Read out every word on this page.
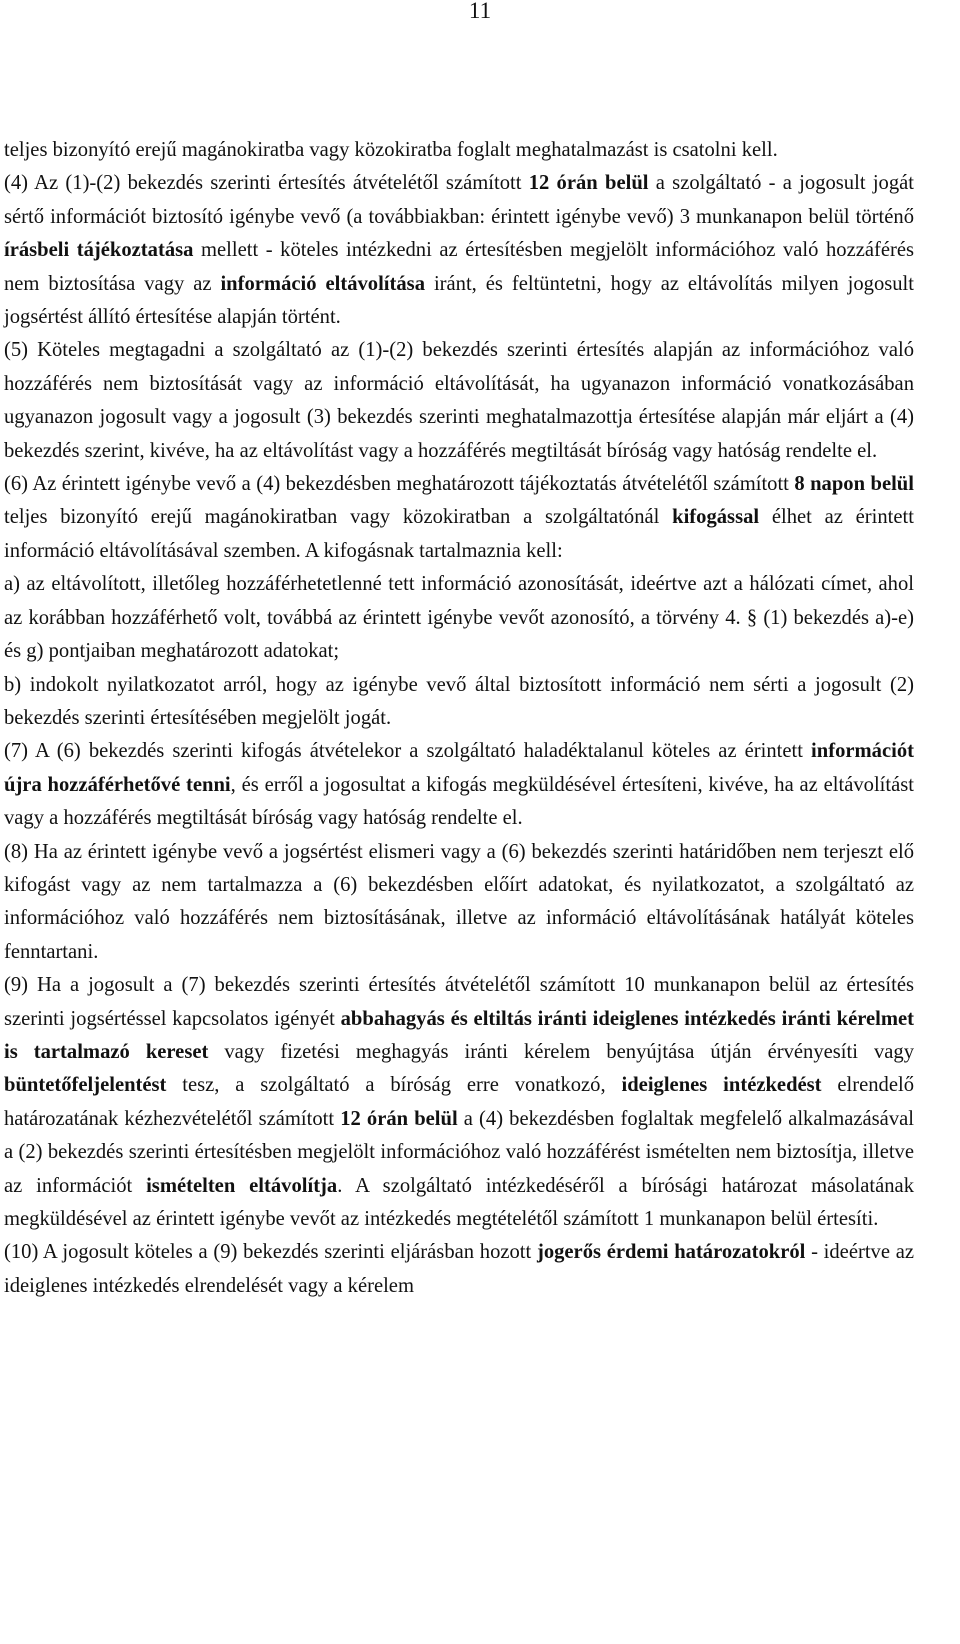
11

teljes bizonyító erejű magánokiratba vagy közokiratba foglalt meghatalmazást is csatolni kell.

(4) Az (1)-(2) bekezdés szerinti értesítés átvételétől számított 12 órán belül a szolgáltató - a jogosult jogát sértő információt biztosító igénybe vevő (a továbbiakban: érintett igénybe vevő) 3 munkanapon belül történő írásbeli tájékoztatása mellett - köteles intézkedni az értesítésben megjelölt információhoz való hozzáférés nem biztosítása vagy az információ eltávolítása iránt, és feltüntetni, hogy az eltávolítás milyen jogosult jogsértést állító értesítése alapján történt.

(5) Köteles megtagadni a szolgáltató az (1)-(2) bekezdés szerinti értesítés alapján az információhoz való hozzáférés nem biztosítását vagy az információ eltávolítását, ha ugyanazon információ vonatkozásában ugyanazon jogosult vagy a jogosult (3) bekezdés szerinti meghatalmazottja értesítése alapján már eljárt a (4) bekezdés szerint, kivéve, ha az eltávolítást vagy a hozzáférés megtiltását bíróság vagy hatóság rendelte el.

(6) Az érintett igénybe vevő a (4) bekezdésben meghatározott tájékoztatás átvételétől számított 8 napon belül teljes bizonyító erejű magánokiratban vagy közokiratban a szolgáltatónál kifogással élhet az érintett információ eltávolításával szemben. A kifogásnak tartalmaznia kell:

a) az eltávolított, illetőleg hozzáférhetetlenné tett információ azonosítását, ideértve azt a hálózati címet, ahol az korábban hozzáférhető volt, továbbá az érintett igénybe vevőt azonosító, a törvény 4. § (1) bekezdés a)-e) és g) pontjaiban meghatározott adatokat;

b) indokolt nyilatkozatot arról, hogy az igénybe vevő által biztosított információ nem sérti a jogosult (2) bekezdés szerinti értesítésében megjelölt jogát.

(7) A (6) bekezdés szerinti kifogás átvételekor a szolgáltató haladéktalanul köteles az érintett információt újra hozzáférhetővé tenni, és erről a jogosultat a kifogás megküldésével értesíteni, kivéve, ha az eltávolítást vagy a hozzáférés megtiltását bíróság vagy hatóság rendelte el.

(8) Ha az érintett igénybe vevő a jogsértést elismeri vagy a (6) bekezdés szerinti határidőben nem terjeszt elő kifogást vagy az nem tartalmazza a (6) bekezdésben előírt adatokat, és nyilatkozatot, a szolgáltató az információhoz való hozzáférés nem biztosításának, illetve az információ eltávolításának hatályát köteles fenntartani.

(9) Ha a jogosult a (7) bekezdés szerinti értesítés átvételétől számított 10 munkanapon belül az értesítés szerinti jogsértéssel kapcsolatos igényét abbahagyás és eltiltás iránti ideiglenes intézkedés iránti kérelmet is tartalmazó kereset vagy fizetési meghagyás iránti kérelem benyújtása útján érvényesíti vagy büntetőfeljelentést tesz, a szolgáltató a bíróság erre vonatkozó, ideiglenes intézkedést elrendelő határozatának kézhezvételétől számított 12 órán belül a (4) bekezdésben foglaltak megfelelő alkalmazásával a (2) bekezdés szerinti értesítésben megjelölt információhoz való hozzáférést ismételten nem biztosítja, illetve az információt ismételten eltávolítja. A szolgáltató intézkedéséről a bírósági határozat másolatának megküldésével az érintett igénybe vevőt az intézkedés megtételétől számított 1 munkanapon belül értesíti.

(10) A jogosult köteles a (9) bekezdés szerinti eljárásban hozott jogerős érdemi határozatokról - ideértve az ideiglenes intézkedés elrendelését vagy a kérelem
